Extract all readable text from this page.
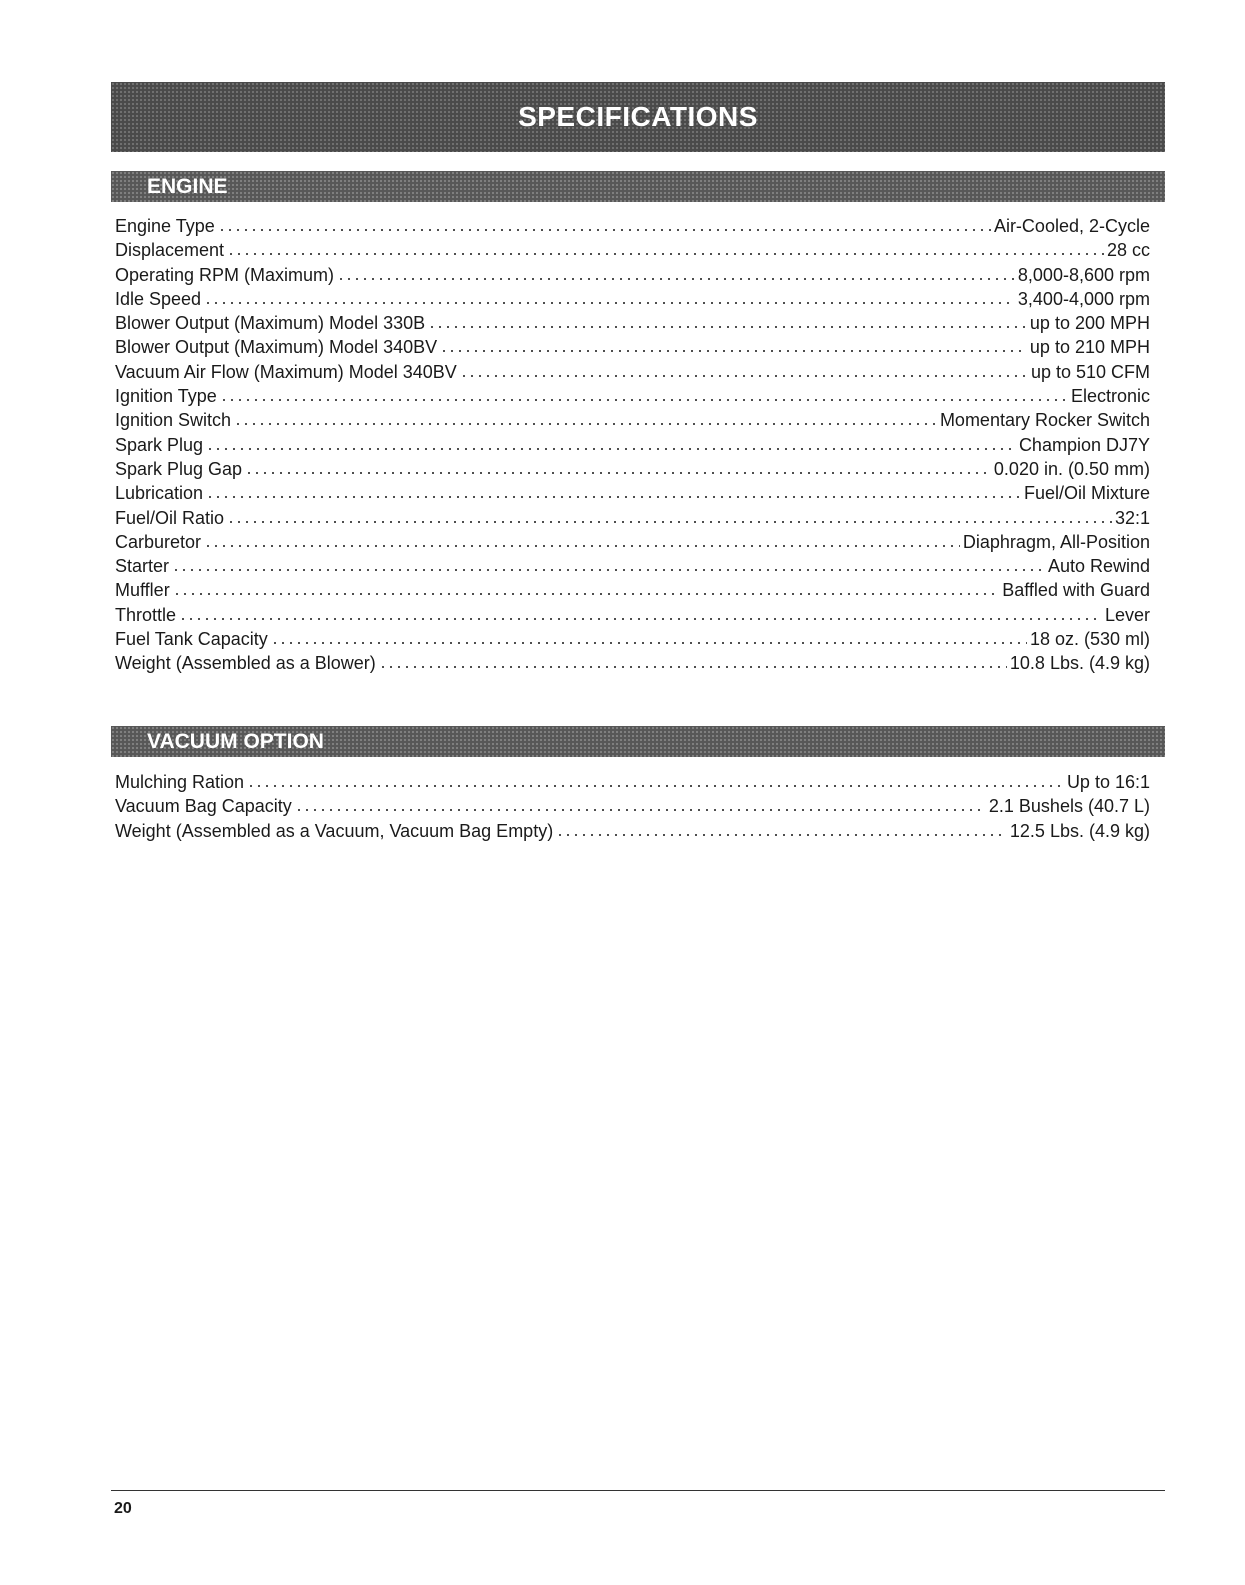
SPECIFICATIONS
ENGINE
Engine Type	Air-Cooled, 2-Cycle
Displacement	28 cc
Operating RPM (Maximum)	8,000-8,600 rpm
Idle Speed	3,400-4,000 rpm
Blower Output (Maximum) Model 330B	up to 200 MPH
Blower Output (Maximum) Model 340BV	up to 210 MPH
Vacuum Air Flow (Maximum) Model 340BV	up to 510 CFM
Ignition Type	Electronic
Ignition Switch	Momentary Rocker Switch
Spark Plug	Champion DJ7Y
Spark Plug Gap	0.020 in. (0.50 mm)
Lubrication	Fuel/Oil Mixture
Fuel/Oil Ratio	32:1
Carburetor	Diaphragm, All-Position
Starter	Auto Rewind
Muffler	Baffled with Guard
Throttle	Lever
Fuel Tank Capacity	18 oz. (530 ml)
Weight (Assembled as a Blower)	10.8 Lbs. (4.9 kg)
VACUUM OPTION
Mulching Ration	Up to 16:1
Vacuum Bag Capacity	2.1 Bushels (40.7 L)
Weight (Assembled as a Vacuum, Vacuum Bag Empty)	12.5 Lbs. (4.9 kg)
20
